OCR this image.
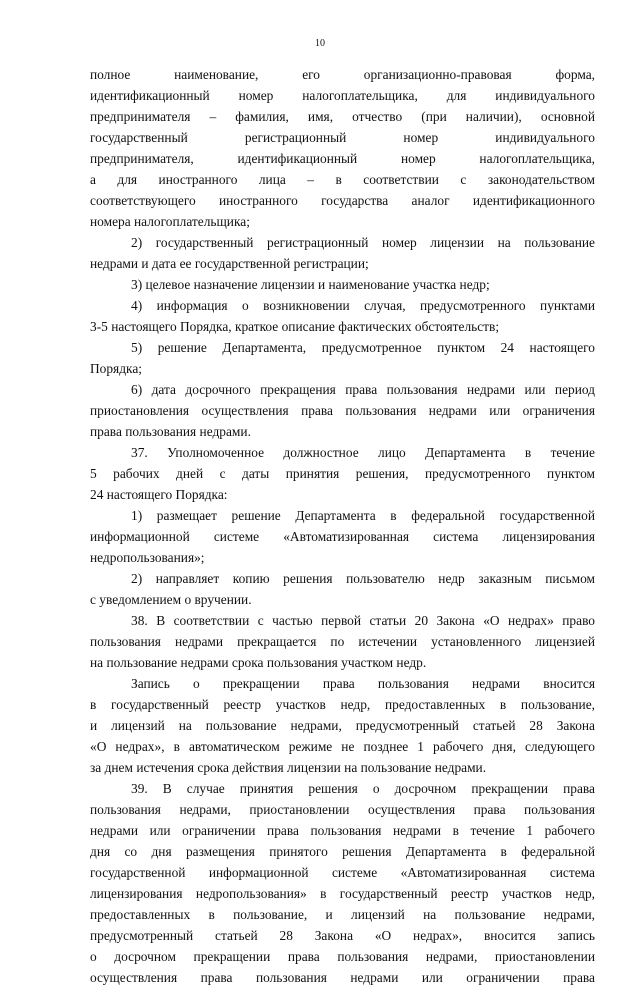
10
полное наименование, его организационно-правовая форма,
идентификационный номер налогоплательщика, для индивидуального
предпринимателя – фамилия, имя, отчество (при наличии), основной
государственный регистрационный номер индивидуального
предпринимателя, идентификационный номер налогоплательщика,
а для иностранного лица – в соответствии с законодательством
соответствующего иностранного государства аналог идентификационного
номера налогоплательщика;
2) государственный регистрационный номер лицензии на пользование
недрами и дата ее государственной регистрации;
3) целевое назначение лицензии и наименование участка недр;
4) информация о возникновении случая, предусмотренного пунктами
3-5 настоящего Порядка, краткое описание фактических обстоятельств;
5) решение Департамента, предусмотренное пунктом 24 настоящего
Порядка;
6) дата досрочного прекращения права пользования недрами или период
приостановления осуществления права пользования недрами или ограничения
права пользования недрами.
37. Уполномоченное должностное лицо Департамента в течение
5 рабочих дней с даты принятия решения, предусмотренного пунктом
24 настоящего Порядка:
1) размещает решение Департамента в федеральной государственной
информационной системе «Автоматизированная система лицензирования
недропользования»;
2) направляет копию решения пользователю недр заказным письмом
с уведомлением о вручении.
38. В соответствии с частью первой статьи 20 Закона «О недрах» право
пользования недрами прекращается по истечении установленного лицензией
на пользование недрами срока пользования участком недр.
Запись о прекращении права пользования недрами вносится
в государственный реестр участков недр, предоставленных в пользование,
и лицензий на пользование недрами, предусмотренный статьей 28 Закона
«О недрах», в автоматическом режиме не позднее 1 рабочего дня, следующего
за днем истечения срока действия лицензии на пользование недрами.
39. В случае принятия решения о досрочном прекращении права
пользования недрами, приостановлении осуществления права пользования
недрами или ограничении права пользования недрами в течение 1 рабочего
дня со дня размещения принятого решения Департамента в федеральной
государственной информационной системе «Автоматизированная система
лицензирования недропользования» в государственный реестр участков недр,
предоставленных в пользование, и лицензий на пользование недрами,
предусмотренный статьей 28 Закона «О недрах», вносится запись
о досрочном прекращении права пользования недрами, приостановлении
осуществления права пользования недрами или ограничении права
